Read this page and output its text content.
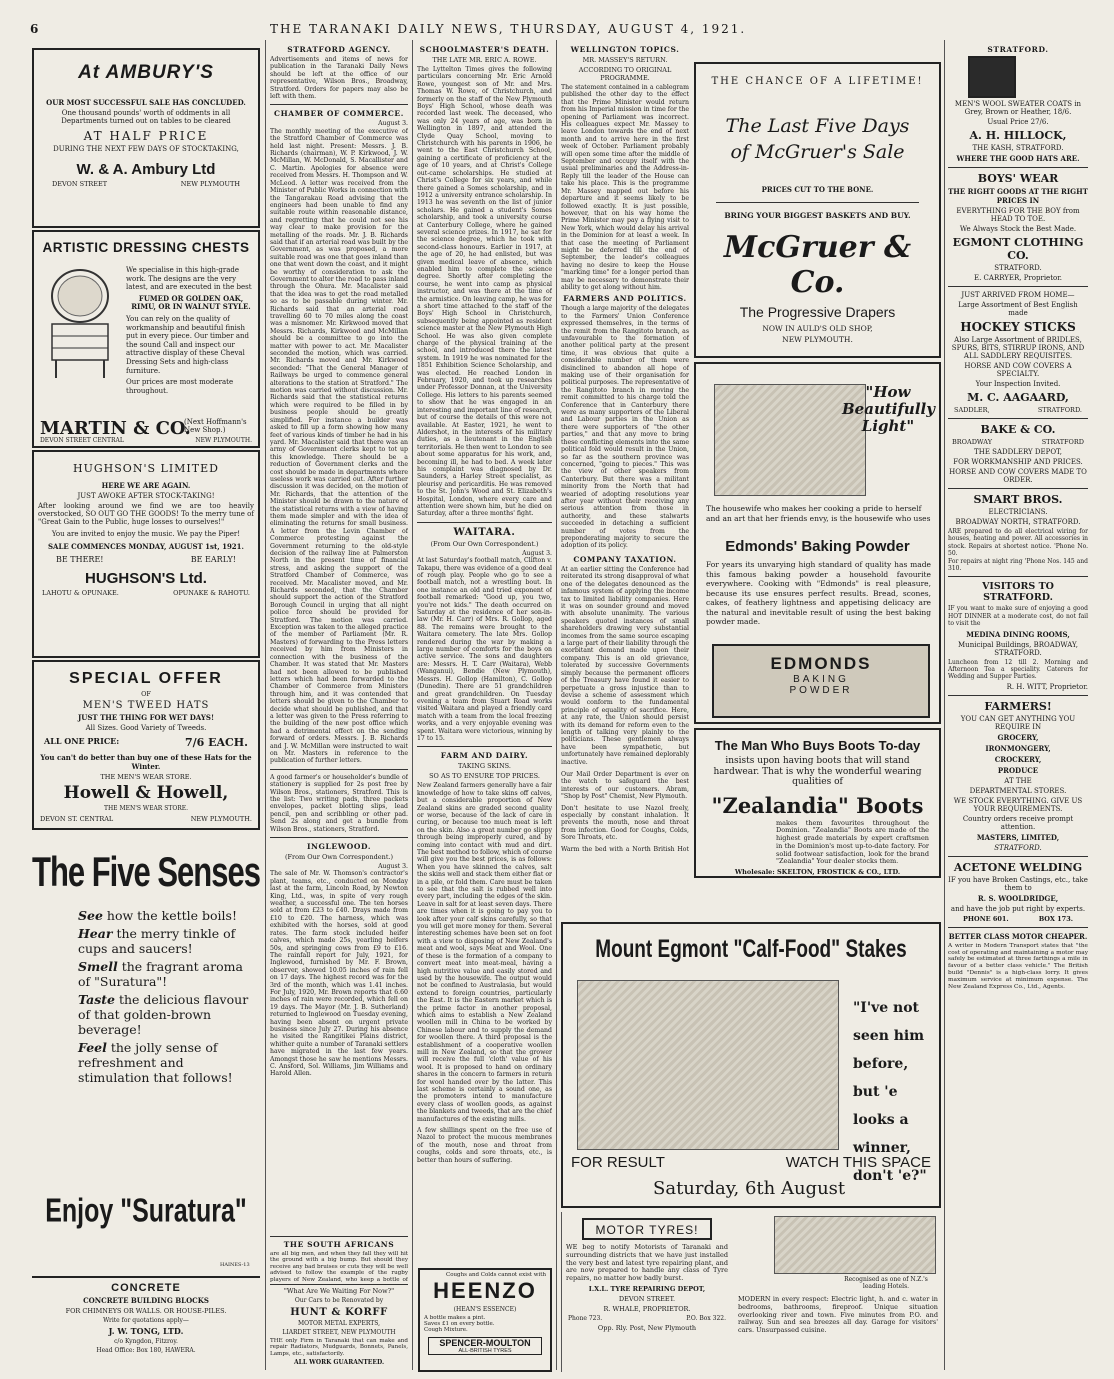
6	THE TARANAKI DAILY NEWS, THURSDAY, AUGUST 4, 1921.
At AMBURY'S
OUR MOST SUCCESSFUL SALE HAS CONCLUDED.
One thousand pounds' worth of oddments in all Departments turned out on tables to be cleared
AT HALF PRICE
DURING THE NEXT FEW DAYS OF STOCKTAKING,
W. & A. Ambury Ltd
DEVON STREET	NEW PLYMOUTH
ARTISTIC DRESSING CHESTS
We specialise in this high-grade work. The designs are the very latest, and are executed in the best
FUMED OR GOLDEN OAK, RIMU, OR IN WALNUT STYLE.
You can rely on the quality of workmanship and beautiful finish put in every piece. Our timber and the sound Call and inspect our attractive display of these Cheval Dressing Sets and high-class furniture.
Our prices are most moderate throughout.
MARTIN & CO.
(Next Hoffmann's New Shop.)
DEVON STREET CENTRAL	NEW PLYMOUTH.
HUGHSON'S LIMITED
HERE WE ARE AGAIN.
JUST AWOKE AFTER STOCK-TAKING!
After looking around we find we are too heavily overstocked, SO OUT GO THE GOODS! To the merry tune of "Great Gain to the Public, huge losses to ourselves!"
You are invited to enjoy the music. We pay the Piper!
SALE COMMENCES MONDAY, AUGUST 1st, 1921.
BE THERE!	BE EARLY!
HUGHSON'S Ltd.
LAHOTU & OPUNAKE.	OPUNAKE & RAHOTU.
SPECIAL OFFER
OF
MEN'S TWEED HATS
JUST THE THING FOR WET DAYS!
All Sizes. Good Variety of Tweeds.
ALL ONE PRICE:	7/6 EACH.
You can't do better than buy one of these Hats for the Winter.
THE MEN'S WEAR STORE.
Howell & Howell,
THE MEN'S WEAR STORE.
DEVON ST. CENTRAL	NEW PLYMOUTH.
The Five Senses
See how the kettle boils!
Hear the merry tinkle of cups and saucers!
Smell the fragrant aroma of "Suratura"!
Taste the delicious flavour of that golden-brown beverage!
Feel the jolly sense of refreshment and stimulation that follows!
Enjoy "Suratura"
HAINES-13
CONCRETE
CONCRETE BUILDING BLOCKS
FOR CHIMNEYS OR WALLS. OR HOUSE-PILES.
Write for quotations apply—
J. W. TONG, LTD.
c/o Kyngdon, Fitzroy.
Head Office: Box 180, HAWERA.
STRATFORD AGENCY.
Advertisements and items of news for publication in the Taranaki Daily News should be left at the office of our representative, Wilson Bros., Broadway, Stratford. Orders for papers may also be left with them.
CHAMBER OF COMMERCE.
August 3.
The monthly meeting of the executive of the Stratford Chamber of Commerce was held last night. Present: Messrs. J. B. Richards (chairman), W. P. Kirkwood, J. W. McMillan, W. McDonald, S. Macallister and C. Martin. Apologies for absence were received from Messrs. H. Thompson and W. McLeod. A letter was received from the Minister of Public Works in connection with the Tangarakau Road advising that the engineers had been unable to find any suitable route within reasonable distance, and regretting that he could not see his way clear to make provision for the metalling of the roads. Mr. J. B. Richards said that if an arterial road was built by the Government, as was proposed, a more suitable road was one that goes inland than one that went down the coast, and it might be worthy of consideration to ask the Government to alter the road to pass inland through the Ohura. Mr. Macalister said that the idea was to get the road metalled so as to be passable during winter. Mr. Richards said that an arterial road travelling 60 to 70 miles along the coast was a misnomer. Mr. Kirkwood moved that Messrs. Richards, Kirkwood and McMillan should be a committee to go into the matter with power to act. Mr. Macalister seconded the motion, which was carried. Mr. Richards moved and Mr. Kirkwood seconded: "That the General Manager of Railways be urged to commence general alterations to the station at Stratford." The motion was carried without discussion. Mr. Richards said that the statistical returns which were required to be filled in by business people should be greatly simplified. For instance a builder was asked to fill up a form showing how many feet of various kinds of timber he had in his yard. Mr. Macalister said that there was an army of Government clerks kept to tot up this knowledge. There should be a reduction of Government clerks and the cost should be made in departments where useless work was carried out. After further discussion it was decided, on the motion of Mr. Richards, that the attention of the Minister should be drawn to the nature of the statistical returns with a view of having them made simpler and with the idea of eliminating the returns for small business. A letter from the Levin Chamber of Commerce protesting against the Government returning to the old-style decision of the railway line at Palmerston North in the present time of financial stress, and asking the support of the Stratford Chamber of Commerce, was received. Mr. Macalister moved, and Mr. Richards seconded, that the Chamber should support the action of the Stratford Borough Council in urging that all night police force should be provided for Stratford. The motion was carried. Exception was taken to the alleged practice of the member of Parliament (Mr. R. Masters) of forwarding to the Press letters received by him from Ministers in connection with the business of the Chamber. It was stated that Mr. Masters had not been allowed to be published letters which had been forwarded to the Chamber of Commerce from Ministers through him, and it was contended that letters should be given to the Chamber to decide what should be published, and that a letter was given to the Press referring to the building of the new post office which had a detrimental effect on the sending forward of orders. Messrs. J. B. Richards and J. W. McMillan were instructed to wait on Mr. Masters in reference to the publication of further letters.
A good farmer's or householder's bundle of stationery is supplied for 2s post free by Wilson Bros., stationers, Stratford. This is the list: Two writing pads, three packets envelopes, packet blotting slips, lead pencil, pen and scribbling or other pad. Send 2s along and get a bundle from Wilson Bros., stationers, Stratford.
INGLEWOOD.
(From Our Own Correspondent.)
August 3.
The sale of Mr. W. Thomson's contractor's plant, teams, etc., conducted on Monday last at the farm, Lincoln Road, by Newton King, Ltd., was, in spite of very rough weather, a successful one. The ten horses sold at from £23 to £40. Drays made from £10 to £20. The harness, which was exhibited with the horses, sold at good rates. The farm stock included heifer calves, which made 25s, yearling heifers 50s, and springing cows from £9 to £16. The rainfall report for July, 1921, for Inglewood, furnished by Mr. F. Brown, observer, showed 10.05 inches of rain fell on 17 days. The highest record was for the 3rd of the month, which was 1.41 inches. For July, 1920, Mr. Brown reports that 6.60 inches of rain were recorded, which fell on 19 days. The Mayor (Mr. J. B. Sutherland) returned to Inglewood on Tuesday evening, having been absent on urgent private business since July 27. During his absence he visited the Rangitikei Plains district, whither quite a number of Taranaki settlers have migrated in the last few years. Amongst those he saw he mentions Messrs. C. Ansford, Sol. Williams, Jim Williams and Harold Allen.
THE SOUTH AFRICANS
are all big men, and when they fall they will hit the ground with a big bump. But should they receive any bad bruises or cuts they will be well advised to follow the example of the rugby players of New Zealand, who keep a bottle of
"What Are We Waiting For Now?"
Our Cars to be Renovated by
HUNT & KORFF
MOTOR METAL EXPERTS,
LIARDET STREET, NEW PLYMOUTH
THE only Firm in Taranaki that can make and repair Radiators, Mudguards, Bonnets, Panels, Lamps, etc., satisfactorily.
ALL WORK GUARANTEED.
SCHOOLMASTER'S DEATH.
THE LATE MR. ERIC A. ROWE.
The Lyttelton Times gives the following particulars concerning Mr. Eric Arnold Rowe, youngest son of Mr. and Mrs. Thomas W. Rowe, of Christchurch, and formerly on the staff of the New Plymouth Boys' High School, whose death was recorded last week. The deceased, who was only 24 years of age, was born in Wellington in 1897, and attended the Clyde Quay School, moving to Christchurch with his parents in 1906, he went to the East Christchurch School, gaining a certificate of proficiency at the age of 10 years, and at Christ's College out-came scholarships. He studied at Christ's College for six years, and while there gained a Somes scholarship, and in 1912 a university entrance scholarship. In 1913 he was seventh on the list of junior scholars. He gained a student's Somes scholarship, and took a university course at Canterbury College, where he gained several science prizes. In 1917, he sat for the science degree, which he took with second-class honours. Earlier in 1917, at the age of 20, he had enlisted, but was given medical leave of absence, which enabled him to complete the science degree. Shortly after completing the course, he went into camp as physical instructor, and was there at the time of the armistice. On leaving camp, he was for a short time attached to the staff of the Boys' High School in Christchurch, subsequently being appointed as resident science master at the New Plymouth High School. He was also given complete charge of the physical training at the school, and introduced there the latest system. In 1919 he was nominated for the 1851 Exhibition Science Scholarship, and was elected. He reached London in February, 1920, and took up researches under Professor Donnan, at the University College. His letters to his parents seemed to show that he was engaged in an interesting and important line of research, but of course the details of this were not available. At Easter, 1921, he went to Aldershot, in the interests of his military duties, as a lieutenant in the English territorials. He then went to London to see about some apparatus for his work, and, becoming ill, he had to bed. A week later his complaint was diagnosed by Dr. Saunders, a Harley Street specialist, as pleurisy and pericarditis. He was removed to the St. John's Wood and St. Elizabeth's Hospital, London, where every care and attention were shown him, but he died on Saturday, after a three months' fight.
WAITARA.
(From Our Own Correspondent.)
August 3.
At last Saturday's football match, Clifton v. Takapu, there was evidence of a good deal of rough play. People who go to see a football match, not a wrestling bout. In one instance an old and tried exponent of football remarked: "Good up, you two, you're not kids." The death occurred on Saturday at the residence of her son-in-law (Mr. H. Carr) of Mrs. R. Gollop, aged 88. The remains were brought to the Waitara cemetery. The late Mrs. Gollop rendered during the war by making a large number of comforts for the boys on active service. The sons and daughters are: Messrs. H. T. Carr (Waitara), Webb (Wanganui), Bendie (New Plymouth), Messrs. H. Gollop (Hamilton), C. Gollop (Dunedin). There are 51 grandchildren and great grandchildren. On Tuesday evening a team from Stuart Road works visited Waitara and played a friendly card match with a team from the local freezing works, and a very enjoyable evening was spent. Waitara were victorious, winning by 17 to 15.
FARM AND DAIRY.
TAKING SKINS.
SO AS TO ENSURE TOP PRICES.
New Zealand farmers generally have a fair knowledge of how to take skins off calves, but a considerable proportion of New Zealand skins are graded second quality or worse, because of the lack of care in curing, or because too much meat is left on the skin. Also a great number go slippy through being improperly cured, and by coming into contact with mud and dirt. The best method to follow, which of course will give you the best prices, is as follows: When you have skinned the calves, salt the skins well and stack them either flat or in a pile, or fold them. Care must be taken to see that the salt is rubbed well into every part, including the edges of the skin. Leave in salt for at least seven days. There are times when it is going to pay you to look after your calf skins carefully, so that you will get more money for them. Several interesting schemes have been set on foot with a view to disposing of New Zealand's meat and wool, says Meat and Wool. One of these is the formation of a company to convert meat into meat-meal, having a high nutritive value and easily stored and used by the housewife. The output would not be confined to Australasia, but would extend to foreign countries, particularly the East. It is the Eastern market which is the prime factor in another proposal, which aims to establish a New Zealand woollen mill in China to be worked by Chinese labour and to supply the demand for woollen there. A third proposal is the establishment of a cooperative woollen mill in New Zealand, so that the grower will receive the full 'cloth' value of his wool. It is proposed to hand on ordinary shares in the concern to farmers in return for wool handed over by the latter. This last scheme is certainly a sound one, as the promoters intend to manufacture every class of woollen goods, as against the blankets and tweeds, that are the chief manufactures of the existing mills.
A few shillings spent on the free use of Nazol to protect the mucous membranes of the mouth, nose and throat from coughs, colds and sore throats, etc., is better than hours of suffering.
Coughs and Colds cannot exist with
HEENZO
(HEAN'S ESSENCE)
A bottle makes a pint.
Saves £1 on every bottle.
Cough Mixture.
SPENCER-MOULTON
ALL-BRITISH TYRES
WELLINGTON TOPICS.
MR. MASSEY'S RETURN.
ACCORDING TO ORIGINAL PROGRAMME.
The statement contained in a cablegram published the other day to the effect that the Prime Minister would return from his Imperial mission in time for the opening of Parliament was incorrect. His colleagues expect Mr. Massey to leave London towards the end of next month and to arrive here in the first week of October. Parliament probably will open some time after the middle of September and occupy itself with the usual preliminaries and the Address-in-Reply till the leader of the House can take his place. This is the programme Mr. Massey mapped out before his departure and it seems likely to be followed exactly. It is just possible, however, that on his way home the Prime Minister may pay a flying visit to New York, which would delay his arrival in the Dominion for at least a week. In that case the meeting of Parliament might be deferred till the end of September, the leader's colleagues having no desire to keep the House "marking time" for a longer period than may be necessary to demonstrate their ability to get along without him.
FARMERS AND POLITICS.
Though a large majority of the delegates to the Farmers' Union Conference expressed themselves, in the terms of the remit from the Rangitoto branch, as unfavourable to the formation of another political party at the present time, it was obvious that quite a considerable number of them were disinclined to abandon all hope of making use of their organisation for political purposes. The representative of the Rangitoto branch in moving the remit committed to his charge told the Conference that in Canterbury there were as many supporters of the Liberal and Labour parties in the Union as there were supporters of "the other parties," and that any move to bring these conflicting elements into the same political fold would result in the Union, so far as the southern province was concerned, "going to pieces." This was the view of other speakers from Canterbury. But there was a militant minority from the North that had wearied of adopting resolutions year after year without their receiving any serious attention from those in authority, and these stalwarts succeeded in detaching a sufficient number of votes from the preponderating majority to secure the adoption of its policy.
COMPANY TAXATION.
At an earlier sitting the Conference had reiterated its strong disapproval of what one of the delegates denounced as the infamous system of applying the income tax to limited liability companies. Here it was on sounder ground and moved with absolute unanimity. The various speakers quoted instances of small shareholders drawing very substantial incomes from the same source escaping a large part of their liability through the exorbitant demand made upon their company. This is an old grievance, tolerated by successive Governments simply because the permanent officers of the Treasury have found it easier to perpetuate a gross injustice than to devise a scheme of assessment which would conform to the fundamental principle of equality of sacrifice. Here, at any rate, the Union should persist with its demand for reform even to the length of talking very plainly to the politicians. These gentlemen always have been sympathetic, but unfortunately have remained deplorably inactive.
Our Mail Order Department is ever on the watch to safeguard the best interests of our customers. Abram, "Shop by Post" Chemist, New Plymouth.
Don't hesitate to use Nazol freely, especially by constant inhalation. It prevents the mouth, nose and throat from infection. Good for Coughs, Colds, Sore Throats, etc.
Warm the bed with a North British Hot
THE CHANCE OF A LIFETIME!
The Last Five Days
of McGruer's Sale
PRICES CUT TO THE BONE.
BRING YOUR BIGGEST BASKETS AND BUY.
McGruer & Co.
The Progressive Drapers
NOW IN AULD'S OLD SHOP,
NEW PLYMOUTH.
"How Beautifully Light"
The housewife who makes her cooking a pride to herself and an art that her friends envy, is the housewife who uses
Edmonds' Baking Powder
For years its unvarying high standard of quality has made this famous baking powder a household favourite everywhere. Cooking with "Edmonds" is real pleasure, because its use ensures perfect results. Bread, scones, cakes, of feathery lightness and appetising delicacy are the natural and inevitable result of using the best baking powder made.
EDMONDS
BAKING
POWDER
The Man Who Buys Boots To-day
insists upon having boots that will stand hardwear. That is why the wonderful wearing qualities of
"Zealandia" Boots
makes them favourites throughout the Dominion. "Zealandia" Boots are made of the highest grade materials by expert craftsmen in the Dominion's most up-to-date factory. For solid footwear satisfaction, look for the brand "Zealandia" Your dealer stocks them.
Wholesale: SKELTON, FROSTICK & CO., LTD.
Mount Egmont "Calf-Food" Stakes
"I've not seen him before, but 'e looks a winner, don't 'e?"
FOR RESULT	WATCH THIS SPACE
Saturday, 6th August
MOTOR TYRES!
WE beg to notify Motorists of Taranaki and surrounding districts that we have just installed the very best and latest tyre repairing plant, and are now prepared to handle any class of Tyre repairs, no matter how badly burst.
I.X.L. TYRE REPAIRING DEPOT,
DEVON STREET.
R. WHALE, PROPRIETOR.
Phone 723.	P.O. Box 322.
Opp. Rly. Post, New Plymouth
Recognised as one of N.Z.'s leading Hotels.
MODERN in every respect: Electric light, h. and c. water in bedrooms, bathrooms, fireproof. Unique situation overlooking river and town. Five minutes from P.O. and railway. Sun and sea breezes all day. Garage for visitors' cars. Unsurpassed cuisine.
STRATFORD.
MEN'S WOOL SWEATER COATS in Grey, Brown or Heather, 18/6.
Usual Price 27/6.
A. H. HILLOCK,
THE KASH, STRATFORD.
WHERE THE GOOD HATS ARE.
BOYS' WEAR
THE RIGHT GOODS AT THE RIGHT PRICES IN
EVERYTHING FOR THE BOY from HEAD TO TOE.
We Always Stock the Best Made.
EGMONT CLOTHING CO.
STRATFORD.
E. CARRYER, Proprietor.
JUST ARRIVED FROM HOME—
Large Assortment of Best English made
HOCKEY STICKS
Also Large Assortment of BRIDLES, SPURS, BITS, STIRRUP IRONS, AND ALL SADDLERY REQUISITES.
HORSE AND COW COVERS A SPECIALTY.
Your Inspection Invited.
M. C. AAGAARD,
SADDLER,	STRATFORD.
BAKE & CO.
BROADWAY	STRATFORD
THE SADDLERY DEPOT,
FOR WORKMANSHIP AND PRICES.
HORSE AND COW COVERS MADE TO ORDER.
SMART BROS.
ELECTRICIANS.
BROADWAY NORTH, STRATFORD.
ARE prepared to do all electrical wiring for houses, heating and power. All accessories in stock. Repairs at shortest notice. 'Phone No. 50.
For repairs at night ring 'Phone Nos. 145 and 310.
VISITORS TO STRATFORD.
IF you want to make sure of enjoying a good HOT DINNER at a moderate cost, do not fail to visit the
MEDINA DINING ROOMS,
Municipal Buildings, BROADWAY, STRATFORD.
Luncheon from 12 till 2. Morning and Afternoon Tea a speciality. Caterers for Wedding and Supper Parties.
R. H. WITT, Proprietor.
FARMERS!
YOU CAN GET ANYTHING YOU REQUIRE IN
GROCERY,
IRONMONGERY,
CROCKERY,
PRODUCE
AT THE
DEPARTMENTAL STORES.
WE STOCK EVERYTHING. GIVE US YOUR REQUIREMENTS.
Country orders receive prompt attention.
MASTERS, LIMITED,
STRATFORD.
ACETONE WELDING
IF you have Broken Castings, etc., take them to
R. S. WOOLDRIDGE,
and have the job put right by experts.
PHONE 601.	BOX 173.
BETTER CLASS MOTOR CHEAPER.
A writer in Modern Transport states that "the cost of operating and maintaining a motor may safely be estimated at three farthings a mile in favour of a better class vehicle." The British build "Dennis" is a high-class lorry. It gives maximum service at minimum expense. The New Zealand Express Co., Ltd., Agents.
